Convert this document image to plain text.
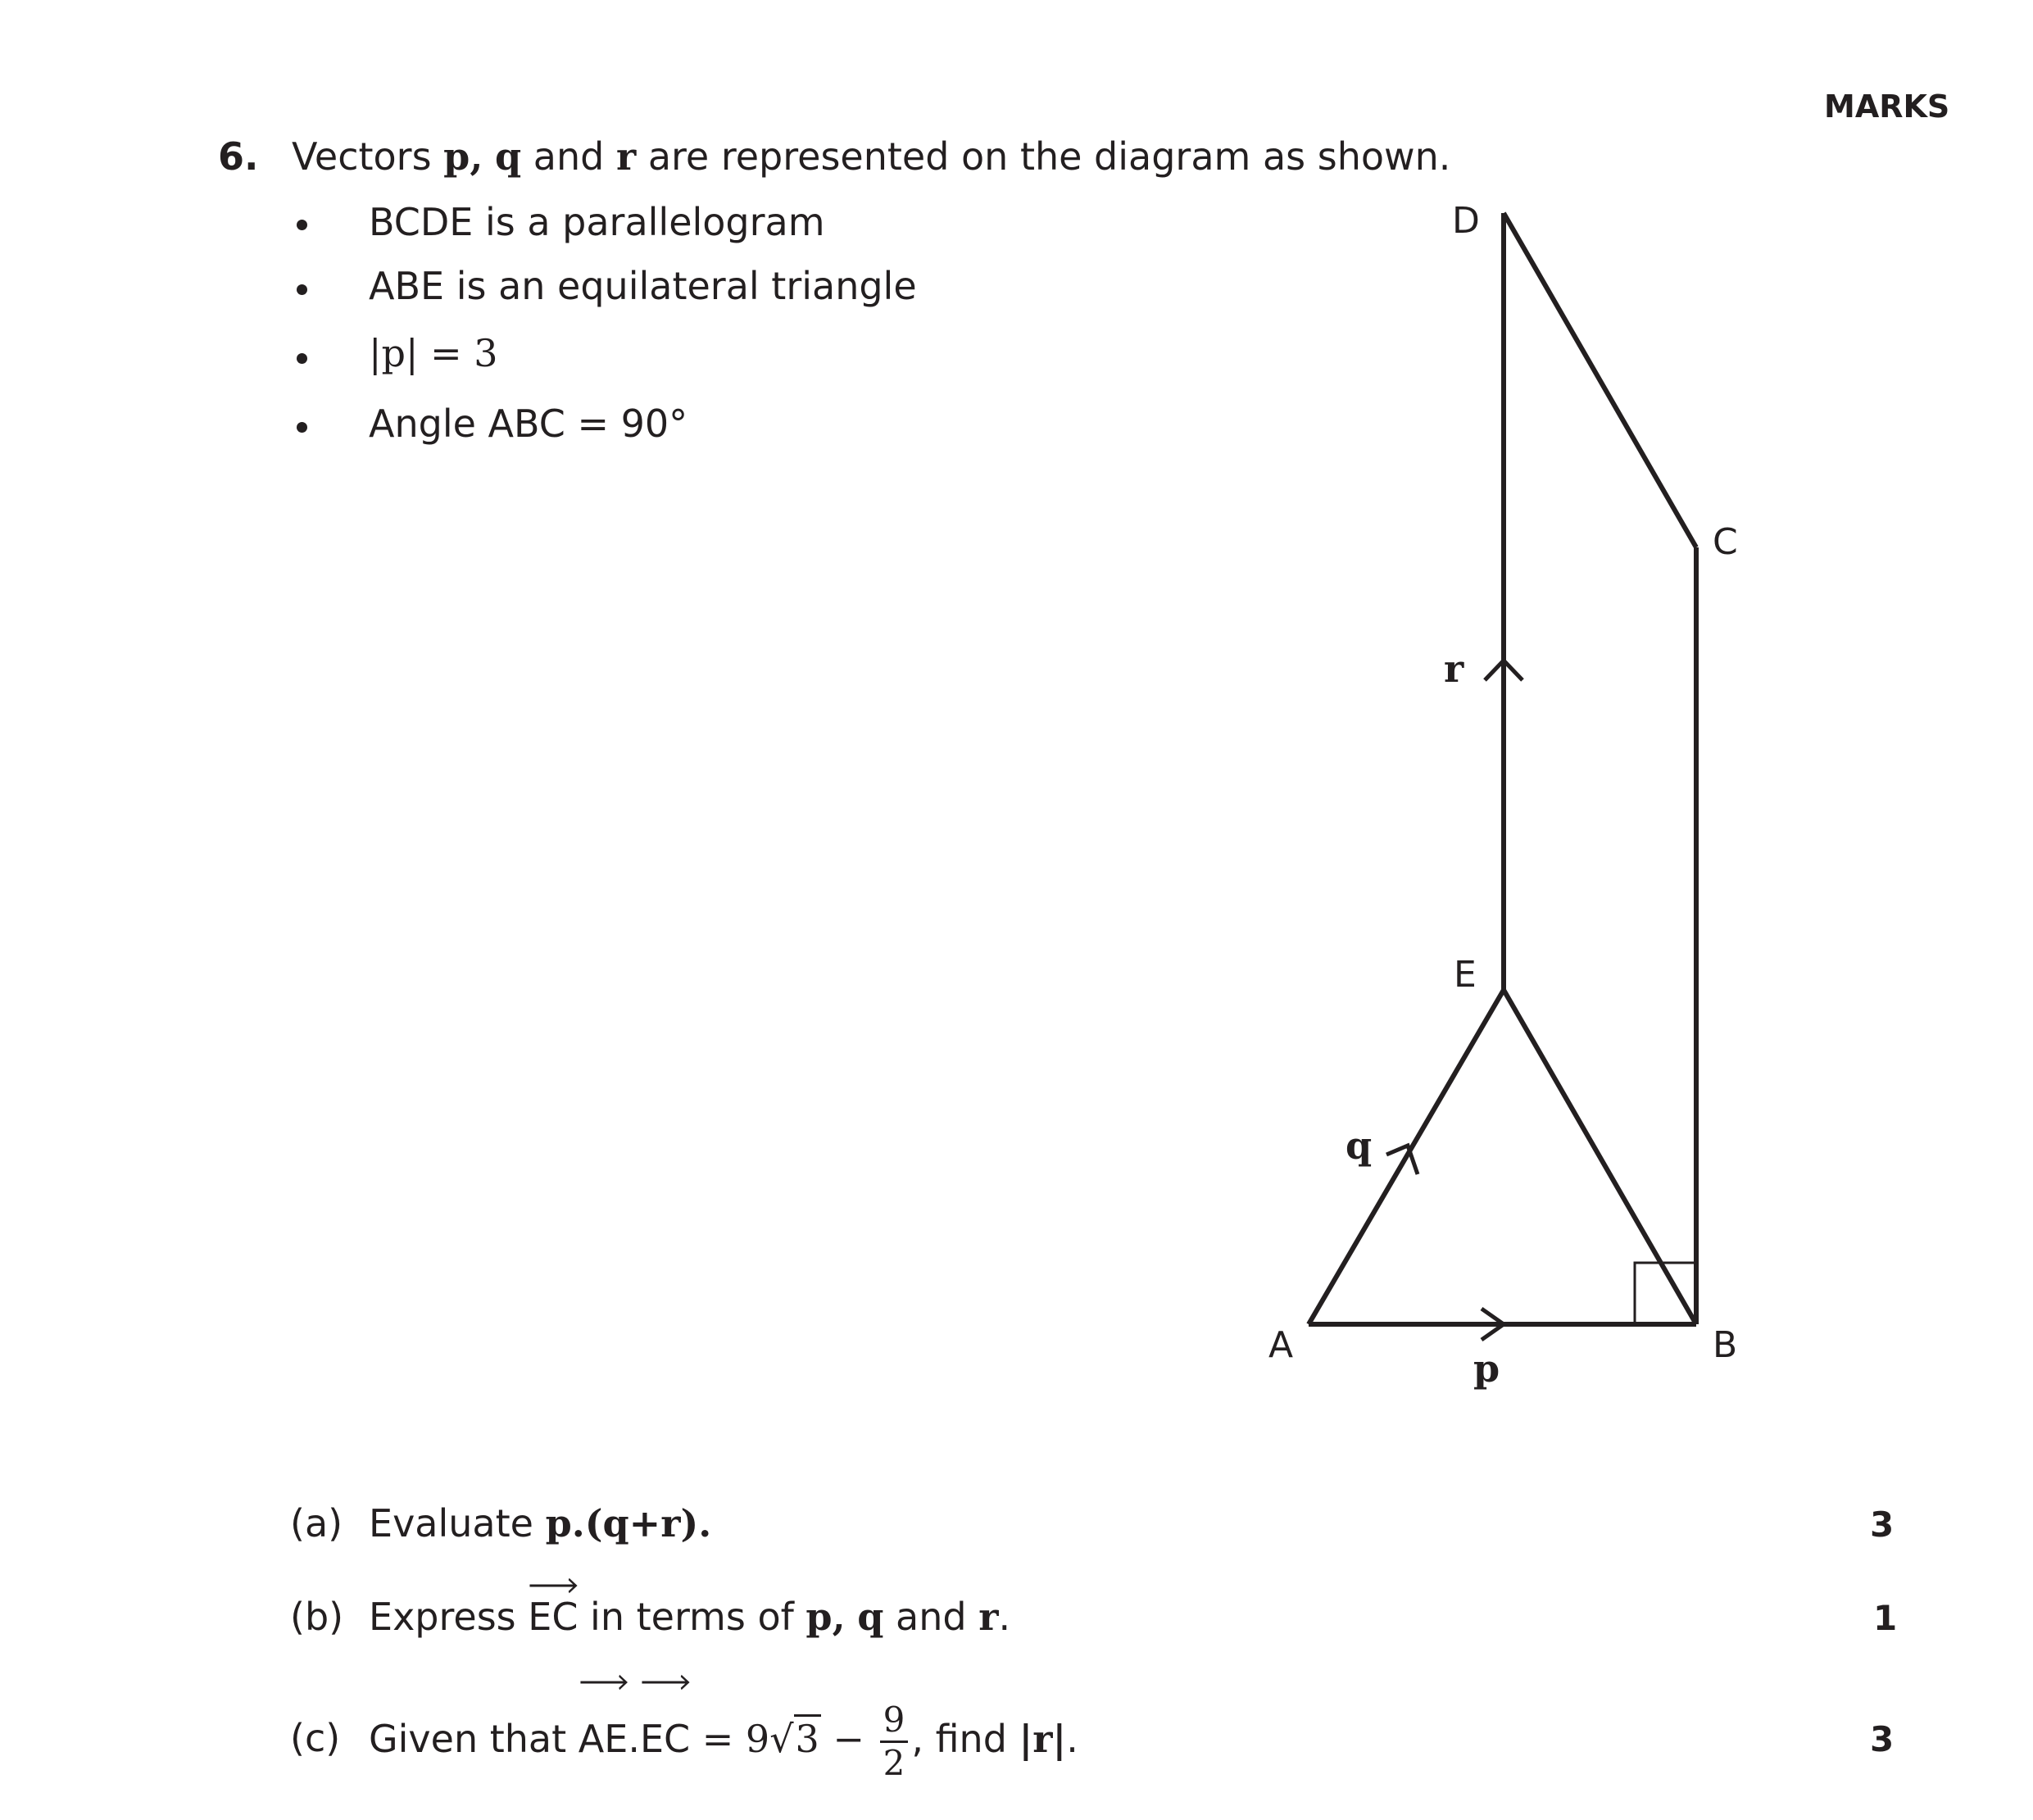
MARKS
6. Vectors p, q and r are represented on the diagram as shown.
BCDE is a parallelogram
ABE is an equilateral triangle
|p| = 3
Angle ABC = 90°
A	B
C
D
E
p
q
r
(a) Evaluate p.(q+r).	3
(b) Express
EC in terms of p, q and r.	1
(c) Given that
AE.
EC = $9√3 - \frac{9}{2}$ , find |r|.	3
